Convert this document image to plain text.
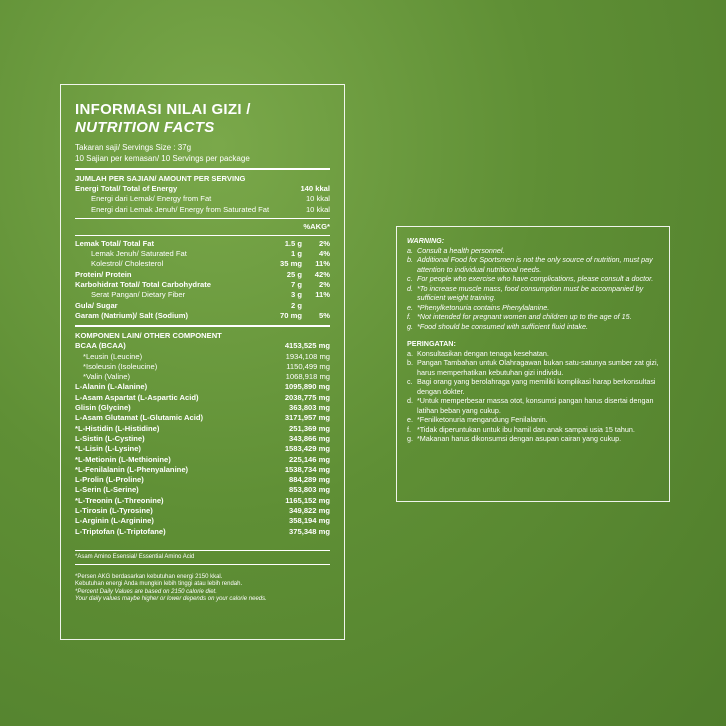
INFORMASI NILAI GIZI /
NUTRITION FACTS
Takaran saji/ Servings Size : 37g
10 Sajian per kemasan/ 10 Servings per package
JUMLAH PER SAJIAN/ AMOUNT PER SERVING
Energi Total/ Total of Energy	140 kkal
Energi dari Lemak/ Energy from Fat	10 kkal
Energi dari Lemak Jenuh/ Energy from Saturated Fat	10 kkal
%AKG*
Lemak Total/ Total Fat	1.5 g	2%
Lemak Jenuh/ Saturated Fat	1 g	4%
Kolestrol/ Cholesterol	35 mg	11%
Protein/ Protein	25 g	42%
Karbohidrat Total/ Total Carbohydrate	7 g	2%
Serat Pangan/ Dietary Fiber	3 g	11%
Gula/ Sugar	2 g
Garam (Natrium)/ Salt (Sodium)	70 mg	5%
KOMPONEN LAIN/ OTHER COMPONENT
BCAA (BCAA)	4153,525 mg
*Leusin (Leucine)	1934,108 mg
*Isoleusin (Isoleucine)	1150,499 mg
*Valin (Valine)	1068,918 mg
L-Alanin (L-Alanine)	1095,890 mg
L-Asam Aspartat (L-Aspartic Acid)	2038,775 mg
Glisin (Glycine)	363,803 mg
L-Asam Glutamat (L-Glutamic Acid)	3171,957 mg
*L-Histidin (L-Histidine)	251,369 mg
L-Sistin (L-Cystine)	343,866 mg
*L-Lisin (L-Lysine)	1583,429 mg
*L-Metionin (L-Methionine)	225,146 mg
*L-Fenilalanin (L-Phenyalanine)	1538,734 mg
L-Prolin (L-Proline)	884,289 mg
L-Serin (L-Serine)	853,803 mg
*L-Treonin (L-Threonine)	1165,152 mg
L-Tirosin (L-Tyrosine)	349,822 mg
L-Arginin (L-Arginine)	358,194 mg
L-Triptofan (L-Triptofane)	375,348 mg
*Asam Amino Esensial/ Essential Amino Acid
*Persen AKG berdasarkan kebutuhan energi 2150 kkal.
Kebutuhan energi Anda mungkin lebih tinggi atau lebih rendah.
*Percent Daily Values are based on 2150 calorie diet.
Your daily values maybe higher or lower depends on your calorie needs.
WARNING:
a. Consult a health personnel.
b. Additional Food for Sportsmen is not the only source of nutrition, must pay attention to individual nutritional needs.
c. For people who exercise who have complications, please consult a doctor.
d. *To increase muscle mass, food consumption must be accompanied by sufficient weight training.
e. *Phenylketonuria contains Phenylalanine.
f. *Not intended for pregnant women and children up to the age of 15.
g. *Food should be consumed with sufficient fluid intake.
PERINGATAN:
a. Konsultasikan dengan tenaga kesehatan.
b. Pangan Tambahan untuk Olahragawan bukan satu-satunya sumber zat gizi, harus memperhatikan kebutuhan gizi individu.
c. Bagi orang yang berolahraga yang memiliki komplikasi harap berkonsultasi dengan dokter.
d. *Untuk memperbesar massa otot, konsumsi pangan harus disertai dengan latihan beban yang cukup.
e. *Fenilketonuria mengandung Fenilalanin.
f. *Tidak diperuntukan untuk ibu hamil dan anak sampai usia 15 tahun.
g. *Makanan harus dikonsumsi dengan asupan cairan yang cukup.
